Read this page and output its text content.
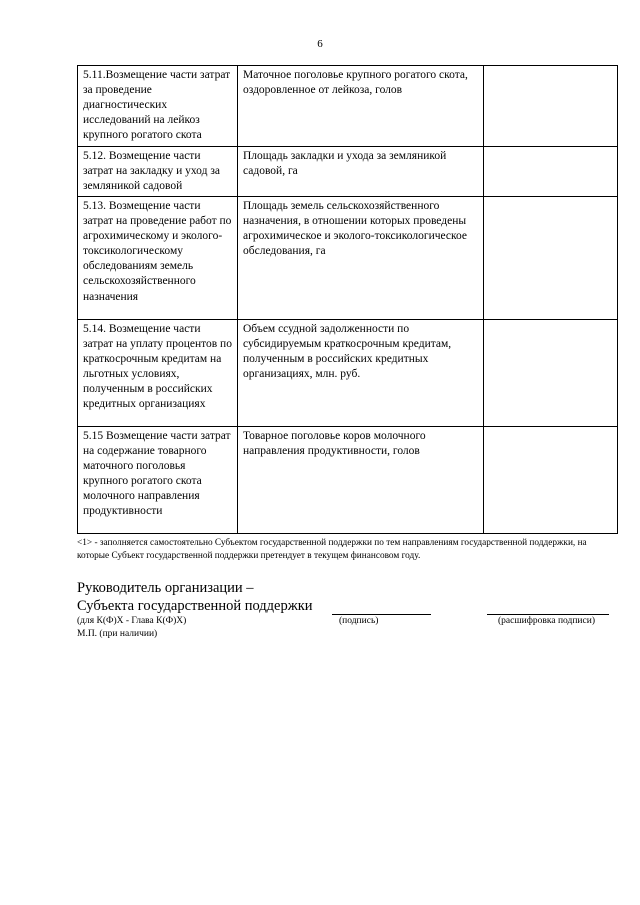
6
5.11.Возмещение части затрат за проведение диагностических исследований на лейкоз крупного рогатого скота	Маточное поголовье крупного рогатого скота, оздоровленное от лейкоза, голов	
5.12. Возмещение части затрат на закладку и уход за земляникой садовой	Площадь закладки и ухода за земляникой садовой, га	
5.13. Возмещение части затрат на проведение работ по агрохимическому и эколого-токсикологическому обследованиям земель сельскохозяйственного назначения	Площадь земель сельскохозяйственного назначения, в отношении которых проведены агрохимическое и эколого-токсикологическое обследования, га	
5.14. Возмещение части затрат на уплату процентов по краткосрочным кредитам на льготных условиях, полученным в российских кредитных организациях	Объем ссудной задолженности по субсидируемым краткосрочным кредитам, полученным в российских кредитных организациях, млн. руб.	
5.15 Возмещение части затрат на содержание товарного маточного поголовья крупного рогатого скота молочного направления продуктивности	Товарное поголовье коров молочного направления продуктивности, голов	
<1> - заполняется самостоятельно Субъектом государственной поддержки по тем направлениям государственной поддержки, на которые Субъект государственной поддержки претендует в текущем финансовом году.
Руководитель организации –
Субъекта государственной поддержки
(для К(Ф)Х - Глава К(Ф)Х)	(подпись)	(расшифровка подписи)
М.П. (при наличии)
